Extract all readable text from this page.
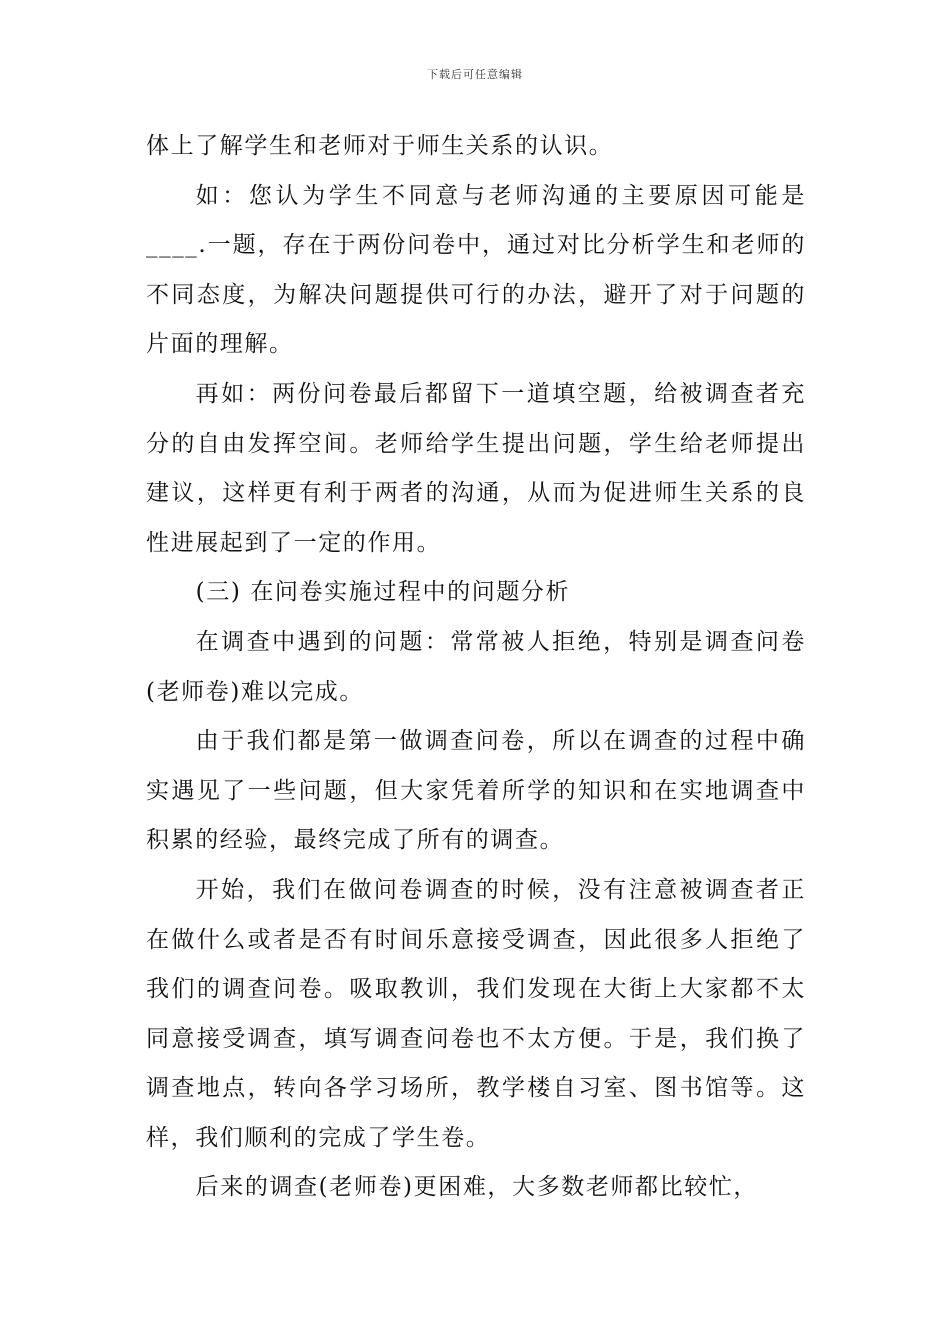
下载后可任意编辑

体上了解学生和老师对于师生关系的认识。

如：您认为学生不同意与老师沟通的主要原因可能是____.一题，存在于两份问卷中，通过对比分析学生和老师的不同态度，为解决问题提供可行的办法，避开了对于问题的片面的理解。

再如：两份问卷最后都留下一道填空题，给被调查者充分的自由发挥空间。老师给学生提出问题，学生给老师提出建议，这样更有利于两者的沟通，从而为促进师生关系的良性进展起到了一定的作用。

(三) 在问卷实施过程中的问题分析

在调查中遇到的问题：常常被人拒绝，特别是调查问卷(老师卷)难以完成。

由于我们都是第一做调查问卷，所以在调查的过程中确实遇见了一些问题，但大家凭着所学的知识和在实地调查中积累的经验，最终完成了所有的调查。

开始，我们在做问卷调查的时候，没有注意被调查者正在做什么或者是否有时间乐意接受调查，因此很多人拒绝了我们的调查问卷。吸取教训，我们发现在大街上大家都不太同意接受调查，填写调查问卷也不太方便。于是，我们换了调查地点，转向各学习场所，教学楼自习室、图书馆等。这样，我们顺利的完成了学生卷。

后来的调查(老师卷)更困难，大多数老师都比较忙，
